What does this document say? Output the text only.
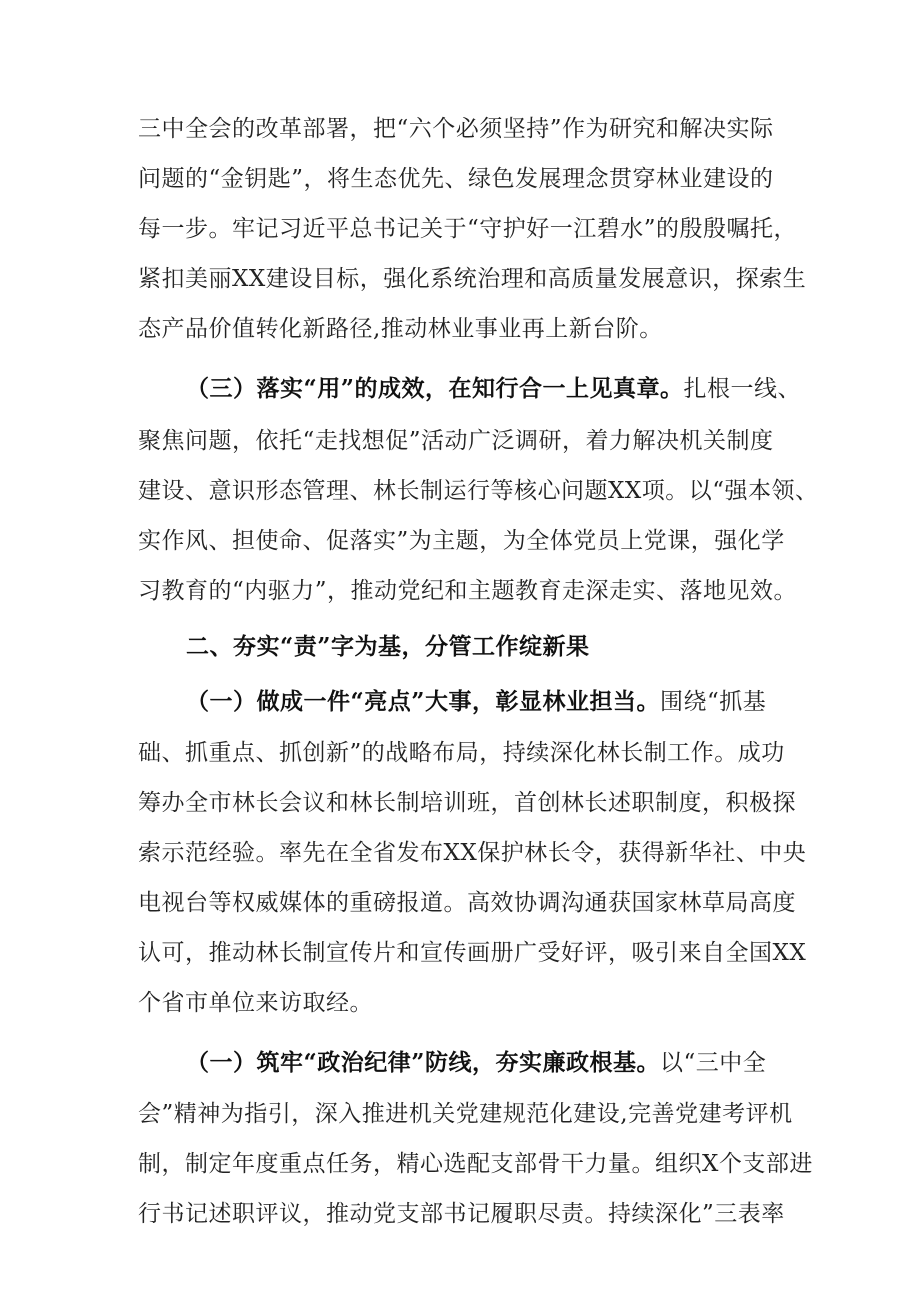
三中全会的改革部署，把“六个必须坚持”作为研究和解决实际

问题的“金钥匙”，将生态优先、绿色发展理念贯穿林业建设的

每一步。牢记习近平总书记关于“守护好一江碧水”的殷殷嘱托，

紧扣美丽XX建设目标，强化系统治理和高质量发展意识，探索生

态产品价值转化新路径,推动林业事业再上新台阶。

（三）落实“用”的成效，在知行合一上见真章。扎根一线、

聚焦问题，依托“走找想促”活动广泛调研，着力解决机关制度

建设、意识形态管理、林长制运行等核心问题XX项。以“强本领、

实作风、担使命、促落实”为主题，为全体党员上党课，强化学

习教育的“内驱力”，推动党纪和主题教育走深走实、落地见效。

二、夯实“责”字为基，分管工作绽新果

（一）做成一件“亮点”大事，彰显林业担当。围绕“抓基

础、抓重点、抓创新”的战略布局，持续深化林长制工作。成功

筹办全市林长会议和林长制培训班，首创林长述职制度，积极探

索示范经验。率先在全省发布XX保护林长令，获得新华社、中央

电视台等权威媒体的重磅报道。高效协调沟通获国家林草局高度

认可，推动林长制宣传片和宣传画册广受好评，吸引来自全国XX

个省市单位来访取经。

（一）筑牢“政治纪律”防线，夯实廉政根基。以“三中全

会”精神为指引，深入推进机关党建规范化建设,完善党建考评机

制，制定年度重点任务，精心选配支部骨干力量。组织X个支部进

行书记述职评议，推动党支部书记履职尽责。持续深化”三表率
